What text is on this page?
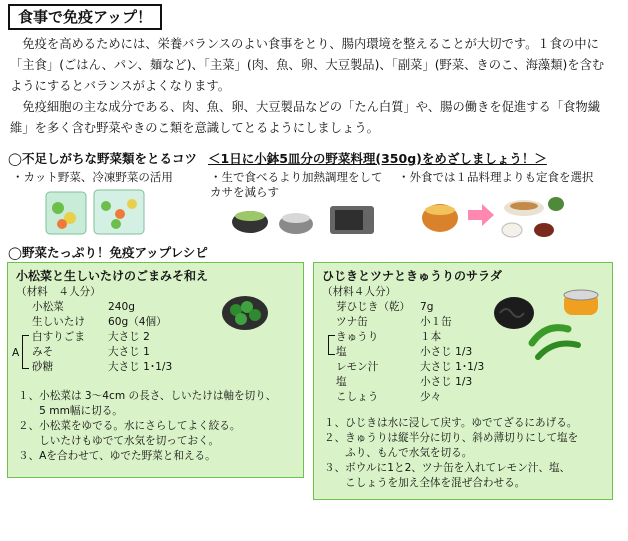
食事で免疫アップ！

免疫を高めるためには、栄養バランスのよい食事をとり、腸内環境を整えることが大切です。１食の中に「主食」(ごはん、パン、麺など)、「主菜」(肉、魚、卵、大豆製品)、「副菜」(野菜、きのこ、海藻類)を含むようにするとバランスがよくなります。

免疫細胞の主な成分である、肉、魚、卵、大豆製品などの「たん白質」や、腸の働きを促進する「食物繊維」を多く含む野菜やきのこ類を意識してとるようにしましょう。

◯不足しがちな野菜類をとるコツ ＜1日に小鉢5皿分の野菜料理(350g)をめざしましょう！＞
・カット野菜、冷凍野菜の活用	・生で食べるより加熱調理をしてカサを減らす
・外食では１品料理よりも定食を選択
◯野菜たっぷり！免疫アップレシピ
小松菜と生しいたけのごまみそ和え
（材料　４人分）
小松菜	240g
生しいたけ	60g（4個）
白すりごま	大さじ 2
みそ	大さじ 1
砂糖	大さじ 1･1/3
A
１、小松菜は 3～4cm の長さ、しいたけは軸を切り、
　　5 mm幅に切る。
２、小松菜をゆでる。水にさらしてよく絞る。
　　しいたけもゆでて水気を切っておく。
３、Aを合わせて、ゆでた野菜と和える。
ひじきとツナときゅうりのサラダ
（材料４人分）
芽ひじき（乾） 7g
ツナ缶	小１缶
きゅうり	１本
塩	小さじ 1/3
レモン汁	大さじ 1･1/3
塩	小さじ 1/3
こしょう	少々
１、ひじきは水に浸して戻す。ゆでてざるにあげる。
２、きゅうりは縦半分に切り、斜め薄切りにして塩を
　　ふり、もんで水気を切る。
３、ボウルに1と2、ツナ缶を入れてレモン汁、塩、
　　こしょうを加え全体を混ぜ合わせる。
